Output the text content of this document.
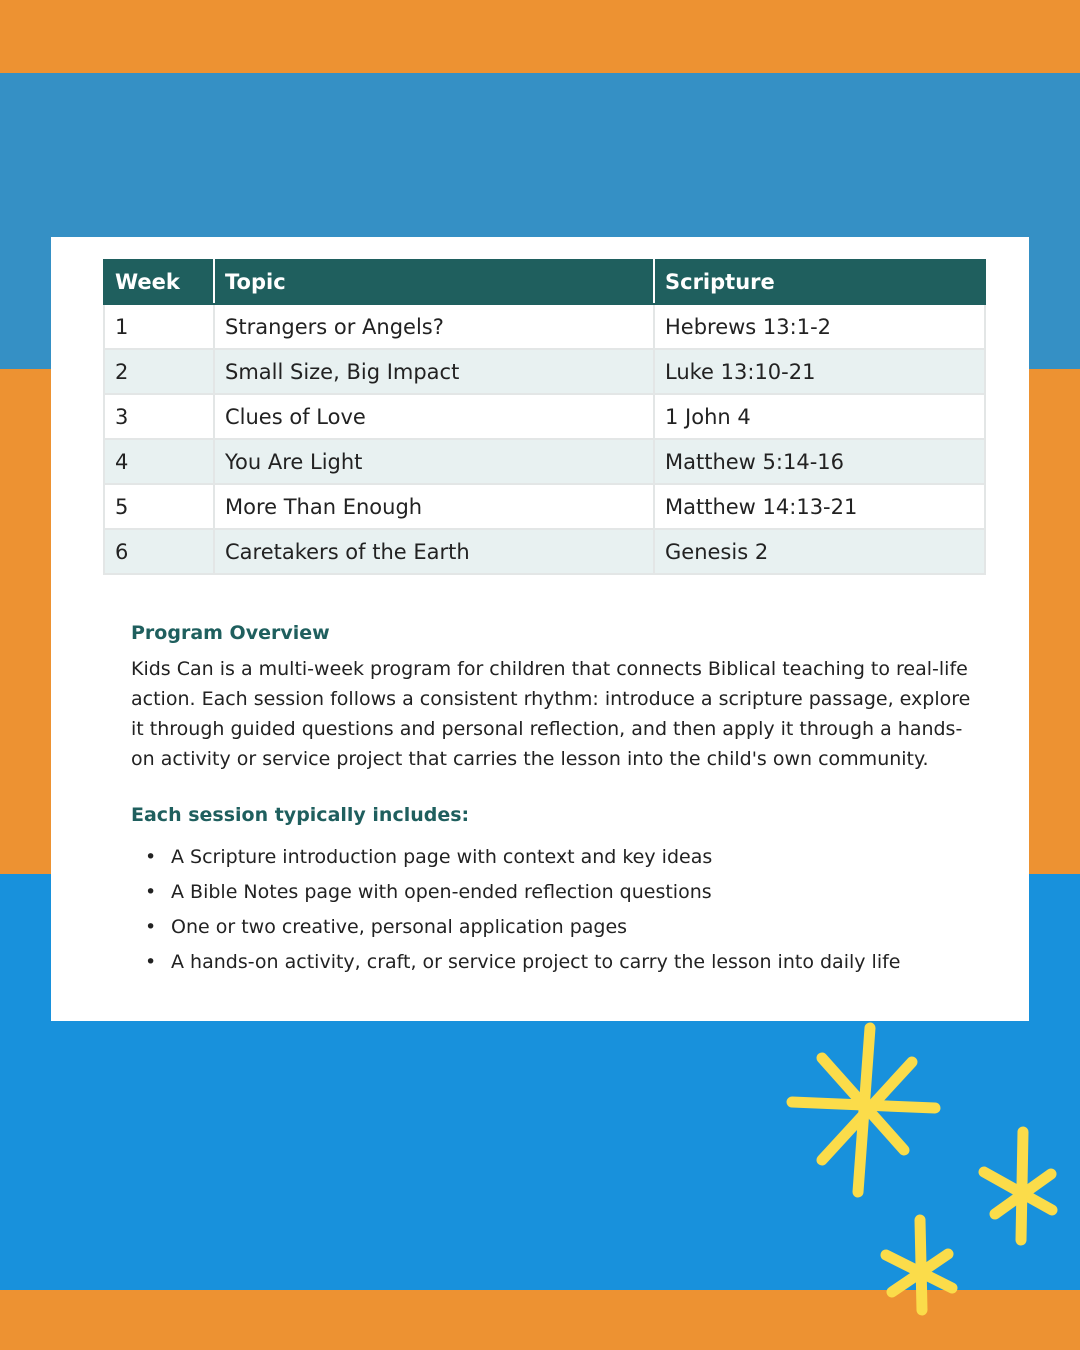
Week	Topic	Scripture
1	Strangers or Angels?	Hebrews 13:1-2
2	Small Size, Big Impact	Luke 13:10-21
3	Clues of Love	1 John 4
4	You Are Light	Matthew 5:14-16
5	More Than Enough	Matthew 14:13-21
6	Caretakers of the Earth	Genesis 2
Program Overview

Kids Can is a multi-week program for children that connects Biblical teaching to real-life
action. Each session follows a consistent rhythm: introduce a scripture passage, explore
it through guided questions and personal reflection, and then apply it through a hands-
on activity or service project that carries the lesson into the child's own community.

Each session typically includes:
• A Scripture introduction page with context and key ideas
• A Bible Notes page with open-ended reflection questions
• One or two creative, personal application pages
• A hands-on activity, craft, or service project to carry the lesson into daily life
